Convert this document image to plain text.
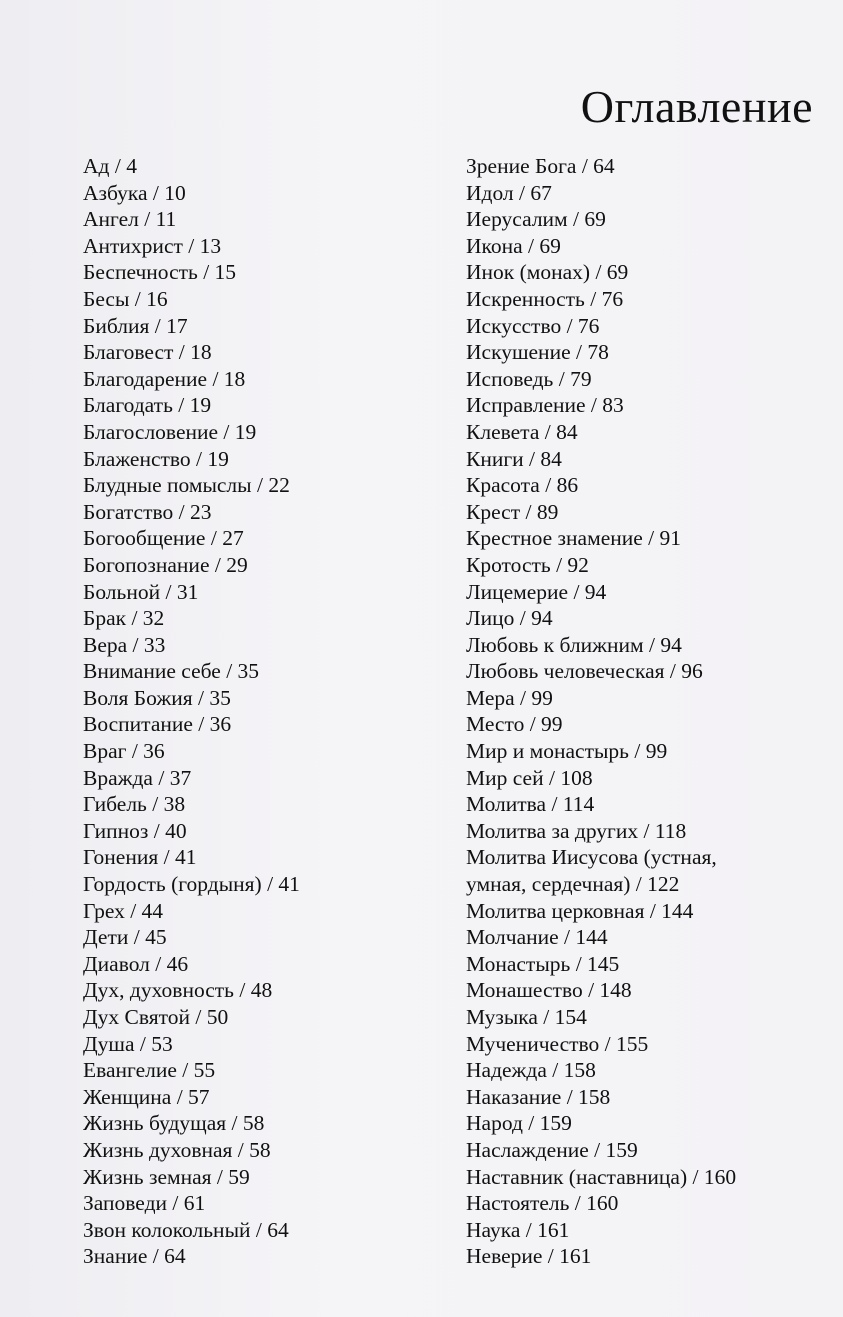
Оглавление
Ад / 4
Азбука / 10
Ангел / 11
Антихрист / 13
Беспечность / 15
Бесы / 16
Библия / 17
Благовест / 18
Благодарение / 18
Благодать / 19
Благословение / 19
Блаженство / 19
Блудные помыслы / 22
Богатство / 23
Богообщение / 27
Богопознание / 29
Больной / 31
Брак / 32
Вера / 33
Внимание себе / 35
Воля Божия / 35
Воспитание / 36
Враг / 36
Вражда / 37
Гибель / 38
Гипноз / 40
Гонения / 41
Гордость (гордыня) / 41
Грех / 44
Дети / 45
Диавол / 46
Дух, духовность / 48
Дух Святой / 50
Душа / 53
Евангелие / 55
Женщина / 57
Жизнь будущая / 58
Жизнь духовная / 58
Жизнь земная / 59
Заповеди / 61
Звон колокольный / 64
Знание / 64
Зрение Бога / 64
Идол / 67
Иерусалим / 69
Икона / 69
Инок (монах) / 69
Искренность / 76
Искусство / 76
Искушение / 78
Исповедь / 79
Исправление / 83
Клевета / 84
Книги / 84
Красота / 86
Крест / 89
Крестное знамение / 91
Кротость / 92
Лицемерие / 94
Лицо / 94
Любовь к ближним / 94
Любовь человеческая / 96
Мера / 99
Место / 99
Мир и монастырь / 99
Мир сей / 108
Молитва / 114
Молитва за других / 118
Молитва Иисусова (устная,
умная, сердечная) / 122
Молитва церковная / 144
Молчание / 144
Монастырь / 145
Монашество / 148
Музыка / 154
Мученичество / 155
Надежда / 158
Наказание / 158
Народ / 159
Наслаждение / 159
Наставник (наставница) / 160
Настоятель / 160
Наука / 161
Неверие / 161
